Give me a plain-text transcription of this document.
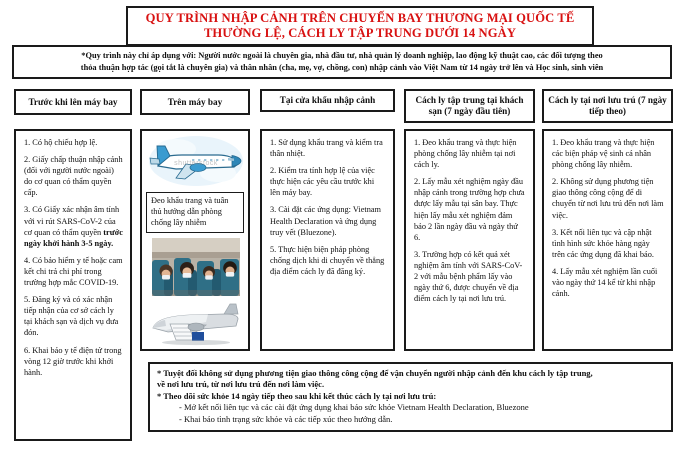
QUY TRÌNH NHẬP CẢNH TRÊN CHUYẾN BAY THƯƠNG MẠI QUỐC TẾ
THƯỜNG LỆ, CÁCH LY TẬP TRUNG DƯỚI 14 NGÀY
*Quy trình này chỉ áp dụng với: Người nước ngoài là chuyên gia, nhà đầu tư, nhà quản lý doanh nghiệp, lao động kỹ thuật cao, các đối tượng theo
thỏa thuận hợp tác (gọi tắt là chuyên gia) và thân nhân (cha, mẹ, vợ, chồng, con) nhập cảnh vào Việt Nam từ 14 ngày trở lên và Học sinh, sinh viên
Trước khi lên máy bay	Trên máy bay	Tại cửa khẩu nhập cảnh	Cách ly tập trung tại khách sạn (7 ngày đầu tiên)
Cách ly tại nơi lưu trú (7 ngày tiếp theo)

1. Có hộ chiếu hợp lệ.

2. Giấy chấp thuận nhập cảnh (đối với người nước ngoài) do cơ quan có thẩm quyền cấp.

3. Có Giấy xác nhận âm tính với vi rút SARS-CoV-2 của cơ quan có thẩm quyền trước ngày khởi hành 3-5 ngày.

4. Có bảo hiểm y tế hoặc cam kết chi trả chi phí trong trường hợp mắc COVID-19.

5. Đăng ký và có xác nhận tiếp nhận của cơ sở cách ly tại khách sạn và dịch vụ đưa đón.

6. Khai báo y tế điện tử trong vòng 12 giờ trước khi khởi hành.

shutterstock
Đeo khẩu trang và tuân thủ hướng dẫn phòng chống lây nhiễm

1. Sử dụng khẩu trang và kiểm tra thân nhiệt.

2. Kiểm tra tính hợp lệ của việc thực hiện các yêu cầu trước khi lên máy bay.

3. Cài đặt các ứng dụng: Vietnam Health Declaration và ứng dụng truy vết (Bluezone).

5. Thực hiện biện pháp phòng chống dịch khi di chuyển về thẳng địa điểm cách ly đã đăng ký.

1. Đeo khẩu trang và thực hiện phòng chống lây nhiễm tại nơi cách ly.

2. Lấy mẫu xét nghiệm ngày đầu nhập cảnh trong trường hợp chưa được lấy mẫu tại sân bay. Thực hiện lấy mẫu xét nghiệm đảm bảo 2 lần ngày đầu và ngày thứ 6.

3. Trường hợp có kết quả xét nghiệm âm tính với SARS-CoV-2 với mẫu bệnh phẩm lấy vào ngày thứ 6, được chuyển về địa điểm cách ly tại nơi lưu trú.

1. Đeo khẩu trang và thực hiện các biện pháp vệ sinh cá nhân phòng chống lây nhiễm.

2. Không sử dụng phương tiện giao thông công cộng để di chuyển từ nơi lưu trú đến nơi làm việc.

3. Kết nối liên tục và cập nhật tình hình sức khỏe hàng ngày trên các ứng dụng đã khai báo.

4. Lấy mẫu xét nghiệm lần cuối vào ngày thứ 14 kể từ khi nhập cảnh.

* Tuyệt đối không sử dụng phương tiện giao thông công cộng để vận chuyển người nhập cảnh đến khu cách ly tập trung,
về nơi lưu trú, từ nơi lưu trú đến nơi làm việc.
* Theo dõi sức khỏe 14 ngày tiếp theo sau khi kết thúc cách ly tại nơi lưu trú:
- Mở kết nối liên tục và các cài đặt ứng dụng khai báo sức khỏe Vietnam Health Declaration, Bluezone
- Khai báo tình trạng sức khỏe và các tiếp xúc theo hướng dẫn.
